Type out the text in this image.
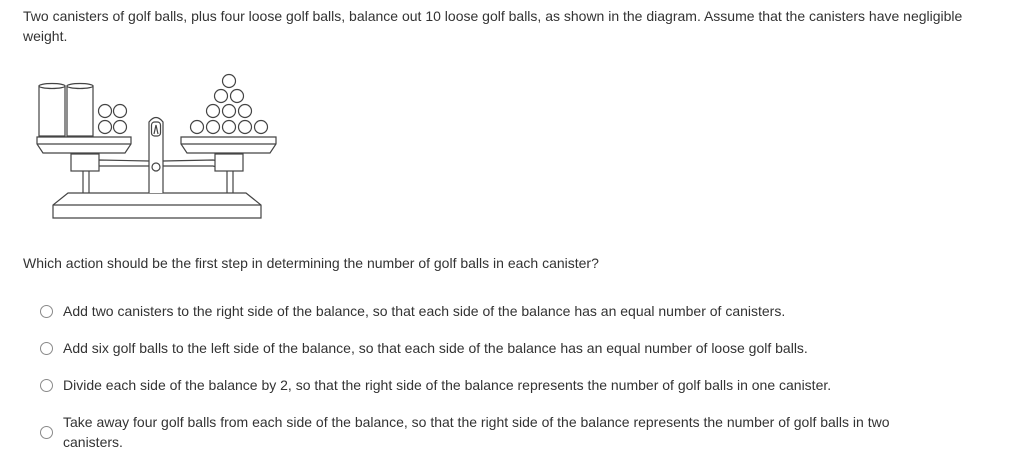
Two canisters of golf balls, plus four loose golf balls, balance out 10 loose golf balls, as shown in the diagram. Assume that the canisters have negligible weight.

Which action should be the first step in determining the number of golf balls in each canister?

Add two canisters to the right side of the balance, so that each side of the balance has an equal number of canisters.
Add six golf balls to the left side of the balance, so that each side of the balance has an equal number of loose golf balls.
Divide each side of the balance by 2, so that the right side of the balance represents the number of golf balls in one canister.
Take away four golf balls from each side of the balance, so that the right side of the balance represents the number of golf balls in two canisters.
